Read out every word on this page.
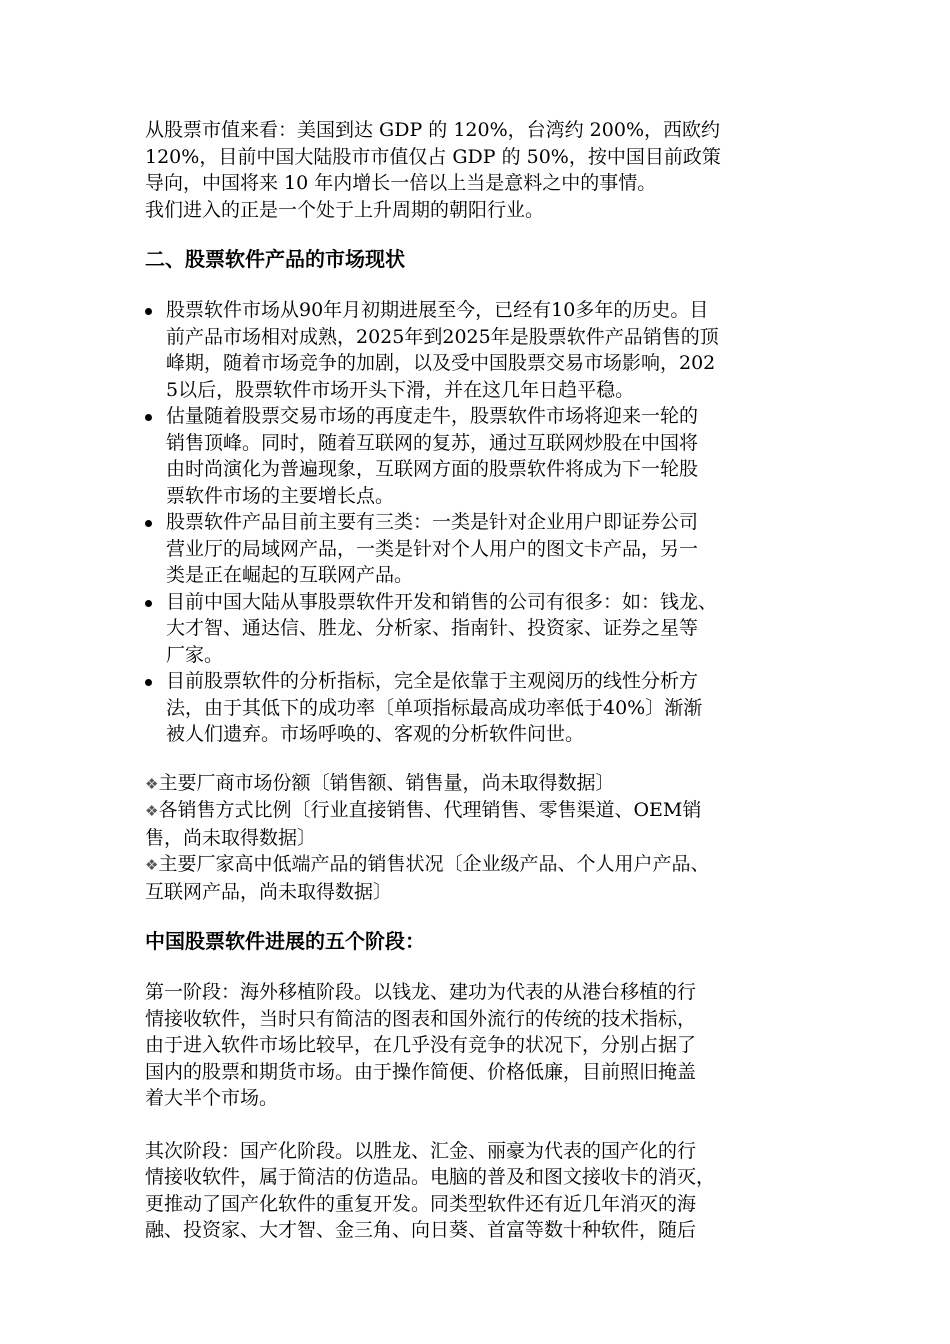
从股票市值来看：美国到达 GDP 的 120%，台湾约 200%，西欧约
120%，目前中国大陆股市市值仅占 GDP 的 50%，按中国目前政策
导向，中国将来 10 年内增长一倍以上当是意料之中的事情。
我们进入的正是一个处于上升周期的朝阳行业。

二、股票软件产品的市场现状
股票软件市场从90年月初期进展至今，已经有10多年的历史。目
前产品市场相对成熟，2025年到2025年是股票软件产品销售的顶
峰期，随着市场竞争的加剧，以及受中国股票交易市场影响，202
5以后，股票软件市场开头下滑，并在这几年日趋平稳。
估量随着股票交易市场的再度走牛，股票软件市场将迎来一轮的
销售顶峰。同时，随着互联网的复苏，通过互联网炒股在中国将
由时尚演化为普遍现象，互联网方面的股票软件将成为下一轮股
票软件市场的主要增长点。
股票软件产品目前主要有三类：一类是针对企业用户即证券公司
营业厅的局域网产品，一类是针对个人用户的图文卡产品，另一
类是正在崛起的互联网产品。
目前中国大陆从事股票软件开发和销售的公司有很多：如：钱龙、
大才智、通达信、胜龙、分析家、指南针、投资家、证券之星等
厂家。
目前股票软件的分析指标，完全是依靠于主观阅历的线性分析方
法，由于其低下的成功率〔单项指标最高成功率低于40%〕渐渐
被人们遗弃。市场呼唤的、客观的分析软件问世。
❖主要厂商市场份额〔销售额、销售量，尚未取得数据〕
❖各销售方式比例〔行业直接销售、代理销售、零售渠道、OEM销
售，尚未取得数据〕
❖主要厂家高中低端产品的销售状况〔企业级产品、个人用户产品、
互联网产品，尚未取得数据〕
中国股票软件进展的五个阶段：

第一阶段：海外移植阶段。以钱龙、建功为代表的从港台移植的行
情接收软件，当时只有简洁的图表和国外流行的传统的技术指标，
由于进入软件市场比较早，在几乎没有竞争的状况下，分别占据了
国内的股票和期货市场。由于操作简便、价格低廉，目前照旧掩盖
着大半个市场。

其次阶段：国产化阶段。以胜龙、汇金、丽豪为代表的国产化的行
情接收软件，属于简洁的仿造品。电脑的普及和图文接收卡的消灭，
更推动了国产化软件的重复开发。同类型软件还有近几年消灭的海
融、投资家、大才智、金三角、向日葵、首富等数十种软件，随后
